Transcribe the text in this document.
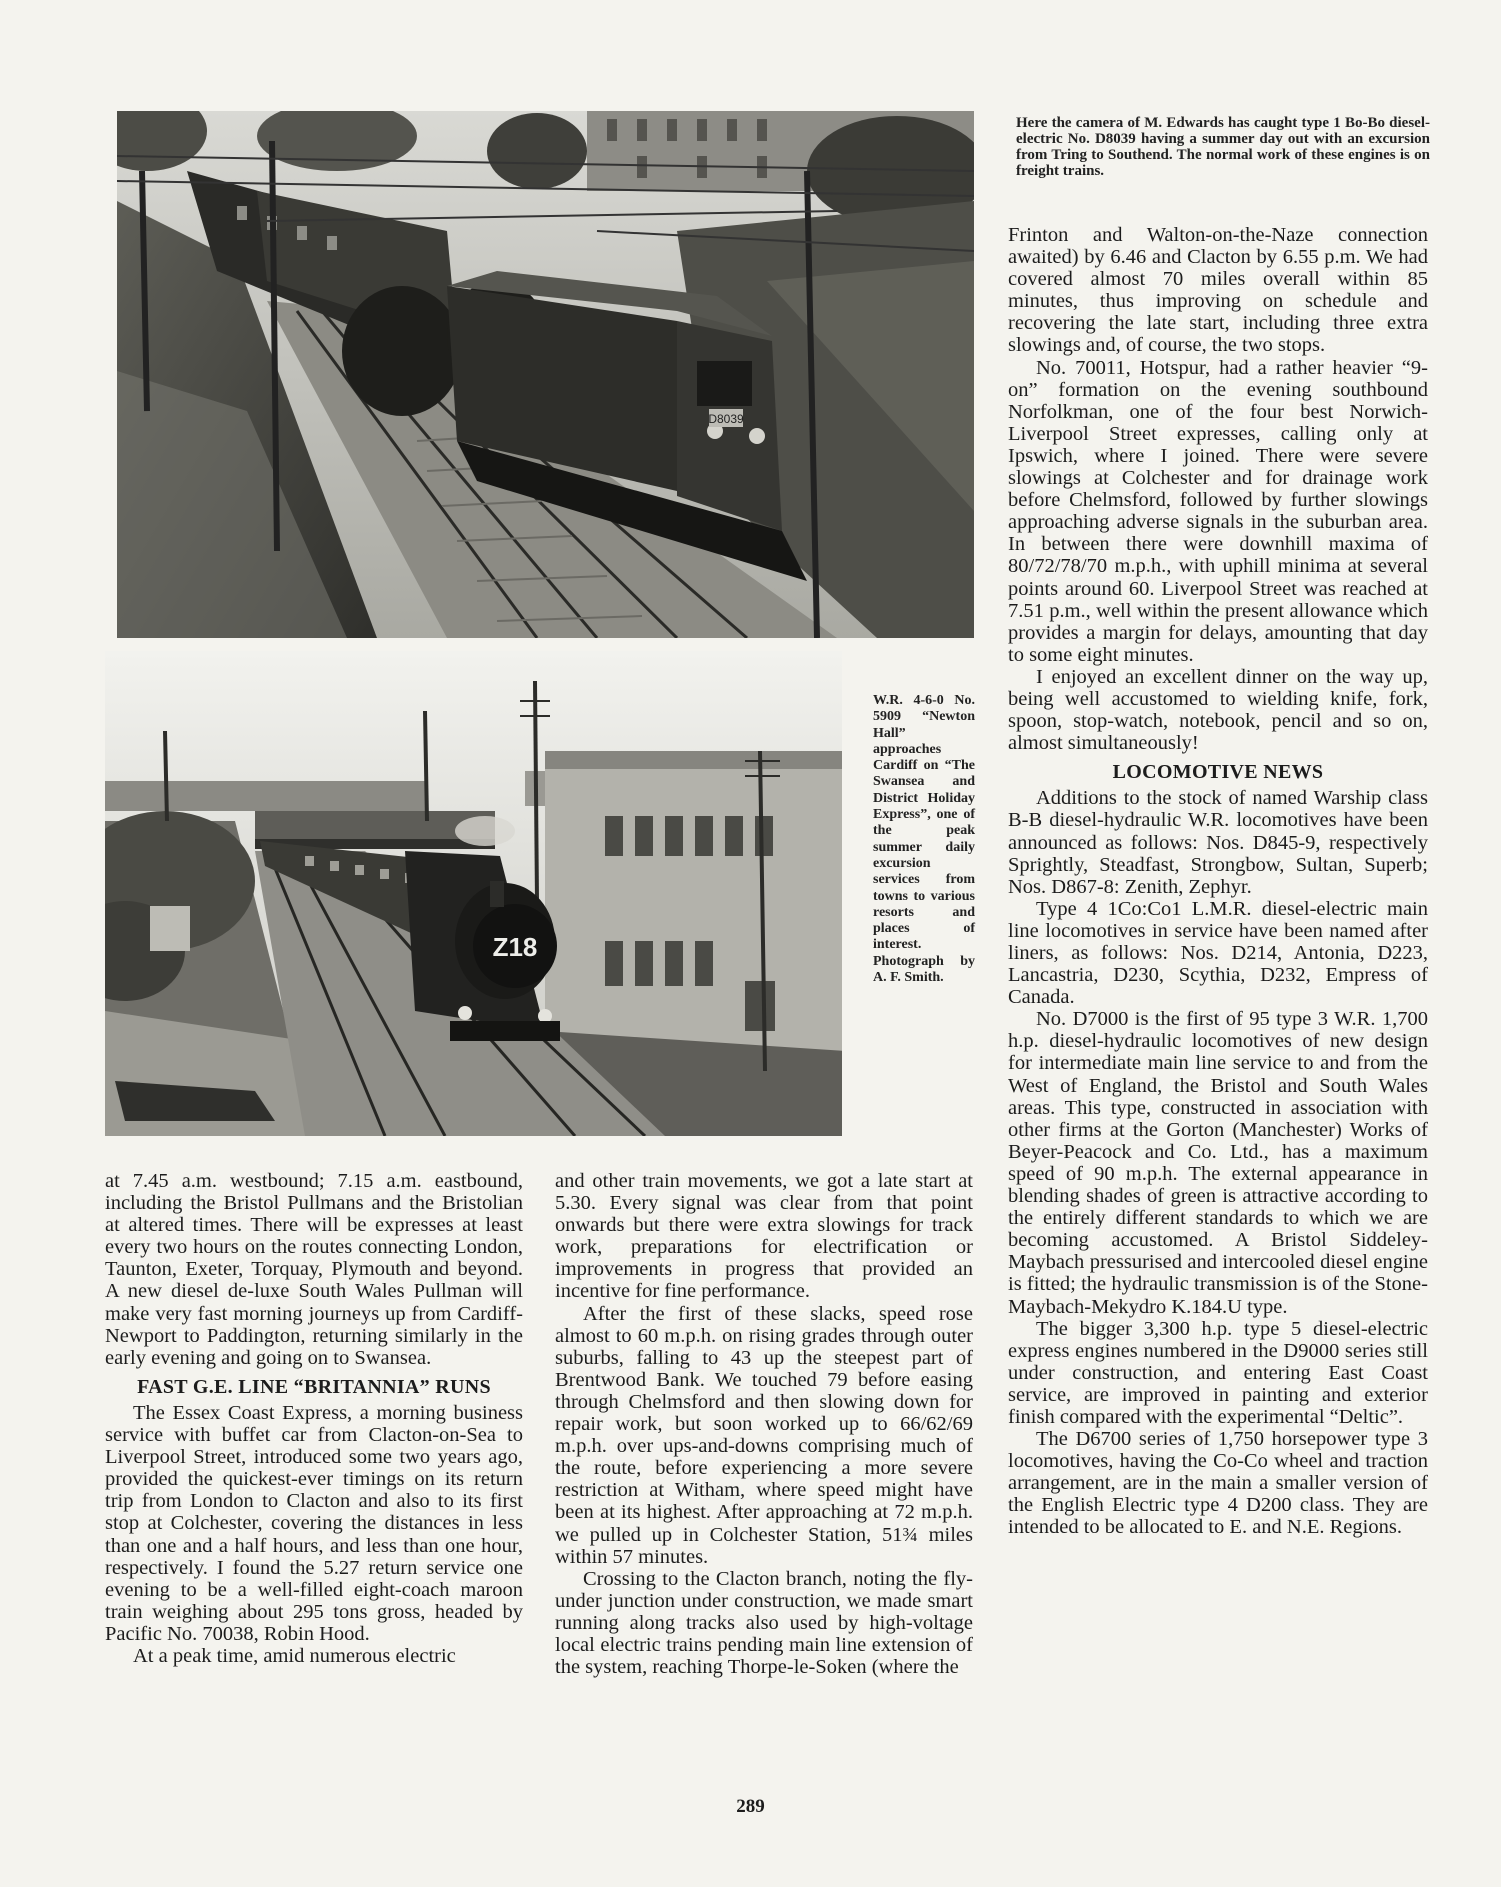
D8039
Here the camera of M. Edwards has caught type 1 Bo-Bo diesel-electric No. D8039 having a summer day out with an excursion from Tring to Southend. The normal work of these engines is on freight trains.
Z18
W.R. 4-6-0 No. 5909 “Newton Hall” approaches Cardiff on “The Swansea and District Holiday Express”, one of the peak summer daily excursion services from towns to various resorts and places of interest. Photograph by A. F. Smith.

at 7.45 a.m. westbound; 7.15 a.m. eastbound, including the Bristol Pullmans and the Bristolian at altered times. There will be expresses at least every two hours on the routes connecting London, Taunton, Exeter, Torquay, Plymouth and beyond. A new diesel de-luxe South Wales Pullman will make very fast morning journeys up from Cardiff-Newport to Paddington, returning similarly in the early evening and going on to Swansea.

FAST G.E. LINE “BRITANNIA” RUNS

The Essex Coast Express, a morning business service with buffet car from Clacton-on-Sea to Liverpool Street, introduced some two years ago, provided the quickest-ever timings on its return trip from London to Clacton and also to its first stop at Colchester, covering the distances in less than one and a half hours, and less than one hour, respectively. I found the 5.27 return service one evening to be a well-filled eight-coach maroon train weighing about 295 tons gross, headed by Pacific No. 70038, Robin Hood.

At a peak time, amid numerous electric

and other train movements, we got a late start at 5.30. Every signal was clear from that point onwards but there were extra slowings for track work, preparations for electrification or improvements in progress that provided an incentive for fine performance.

After the first of these slacks, speed rose almost to 60 m.p.h. on rising grades through outer suburbs, falling to 43 up the steepest part of Brentwood Bank. We touched 79 before easing through Chelmsford and then slowing down for repair work, but soon worked up to 66/62/69 m.p.h. over ups-and-downs comprising much of the route, before experiencing a more severe restriction at Witham, where speed might have been at its highest. After approaching at 72 m.p.h. we pulled up in Colchester Station, 51¾ miles within 57 minutes.

Crossing to the Clacton branch, noting the fly-under junction under construction, we made smart running along tracks also used by high-voltage local electric trains pending main line extension of the system, reaching Thorpe-le-Soken (where the

Frinton and Walton-on-the-Naze connection awaited) by 6.46 and Clacton by 6.55 p.m. We had covered almost 70 miles overall within 85 minutes, thus improving on schedule and recovering the late start, including three extra slowings and, of course, the two stops.

No. 70011, Hotspur, had a rather heavier “9-on” formation on the evening southbound Norfolkman, one of the four best Norwich-Liverpool Street expresses, calling only at Ipswich, where I joined. There were severe slowings at Colchester and for drainage work before Chelmsford, followed by further slowings approaching adverse signals in the suburban area. In between there were downhill maxima of 80/72/78/70 m.p.h., with uphill minima at several points around 60. Liverpool Street was reached at 7.51 p.m., well within the present allowance which provides a margin for delays, amounting that day to some eight minutes.

I enjoyed an excellent dinner on the way up, being well accustomed to wielding knife, fork, spoon, stop-watch, notebook, pencil and so on, almost simultaneously!

LOCOMOTIVE NEWS

Additions to the stock of named Warship class B-B diesel-hydraulic W.R. locomotives have been announced as follows: Nos. D845-9, respectively Sprightly, Steadfast, Strongbow, Sultan, Superb; Nos. D867-8: Zenith, Zephyr.

Type 4 1Co:Co1 L.M.R. diesel-electric main line locomotives in service have been named after liners, as follows: Nos. D214, Antonia, D223, Lancastria, D230, Scythia, D232, Empress of Canada.

No. D7000 is the first of 95 type 3 W.R. 1,700 h.p. diesel-hydraulic locomotives of new design for intermediate main line service to and from the West of England, the Bristol and South Wales areas. This type, constructed in association with other firms at the Gorton (Manchester) Works of Beyer-Peacock and Co. Ltd., has a maximum speed of 90 m.p.h. The external appearance in blending shades of green is attractive according to the entirely different standards to which we are becoming accustomed. A Bristol Siddeley-Maybach pressurised and intercooled diesel engine is fitted; the hydraulic transmission is of the Stone-Maybach-Mekydro K.184.U type.

The bigger 3,300 h.p. type 5 diesel-electric express engines numbered in the D9000 series still under construction, and entering East Coast service, are improved in painting and exterior finish compared with the experimental “Deltic”.

The D6700 series of 1,750 horsepower type 3 locomotives, having the Co-Co wheel and traction arrangement, are in the main a smaller version of the English Electric type 4 D200 class. They are intended to be allocated to E. and N.E. Regions.

289
